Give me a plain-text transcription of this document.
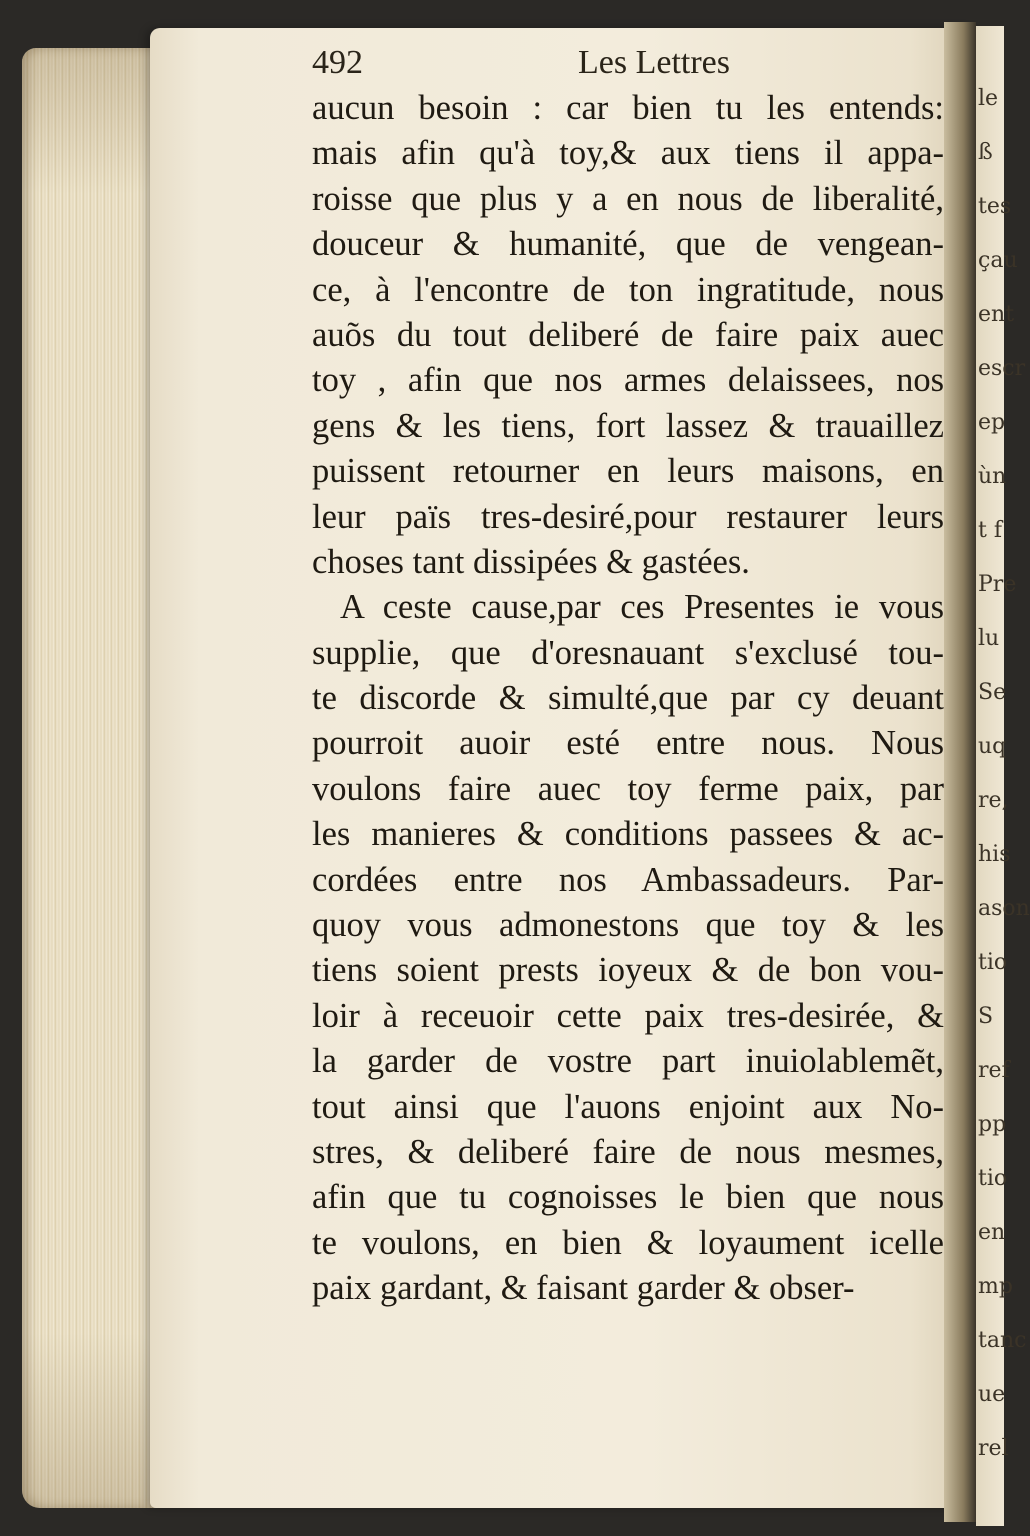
le
ß
tes
çau
ent
escr
ep
ùn
t f
Pre
lu
Se
uq
re,
his
ason
tio
S
ref
pp
tio
en
mp
tanc
ue
rel
492	Les Lettres
aucun besoin : car bien tu les entends:
mais afin qu'à toy,& aux tiens il appa-
roisse que plus y a en nous de liberalité,
douceur & humanité, que de vengean-
ce, à l'encontre de ton ingratitude, nous
auõs du tout deliberé de faire paix auec
toy , afin que nos armes delaissees, nos
gens & les tiens, fort lassez & trauaillez
puissent retourner en leurs maisons, en
leur païs tres-desiré,pour restaurer leurs
choses tant dissipées & gastées.
A ceste cause,par ces Presentes ie vous
supplie, que d'oresnauant s'exclusé tou-
te discorde & simulté,que par cy deuant
pourroit auoir esté entre nous. Nous
voulons faire auec toy ferme paix, par
les manieres & conditions passees & ac-
cordées entre nos Ambassadeurs. Par-
quoy vous admonestons que toy & les
tiens soient prests ioyeux & de bon vou-
loir à receuoir cette paix tres-desirée, &
la garder de vostre part inuiolablemẽt,
tout ainsi que l'auons enjoint aux No-
stres, & deliberé faire de nous mesmes,
afin que tu cognoisses le bien que nous
te voulons, en bien & loyaument icelle
paix gardant, & faisant garder & obser-
